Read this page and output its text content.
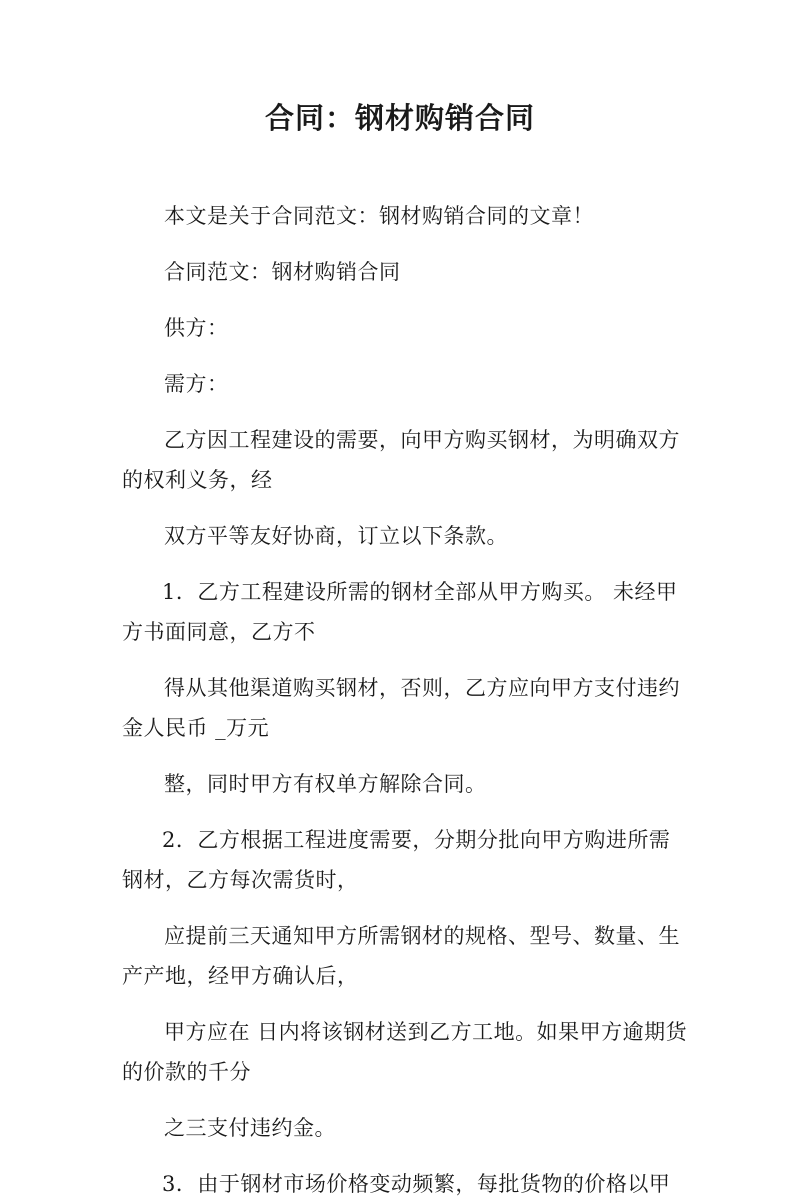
合同：钢材购销合同
本文是关于合同范文：钢材购销合同的文章！
合同范文：钢材购销合同
供方：
需方：
乙方因工程建设的需要，向甲方购买钢材，为明确双方
的权利义务，经
双方平等友好协商，订立以下条款。
1．乙方工程建设所需的钢材全部从甲方购买。 未经甲
方书面同意，乙方不
得从其他渠道购买钢材，否则，乙方应向甲方支付违约
金人民币 _万元
整，同时甲方有权单方解除合同。
2．乙方根据工程进度需要，分期分批向甲方购进所需
钢材，乙方每次需货时，
应提前三天通知甲方所需钢材的规格、型号、数量、生
产产地，经甲方确认后，
甲方应在 日内将该钢材送到乙方工地。如果甲方逾期货
的价款的千分
之三支付违约金。
3．由于钢材市场价格变动频繁，每批货物的价格以甲
